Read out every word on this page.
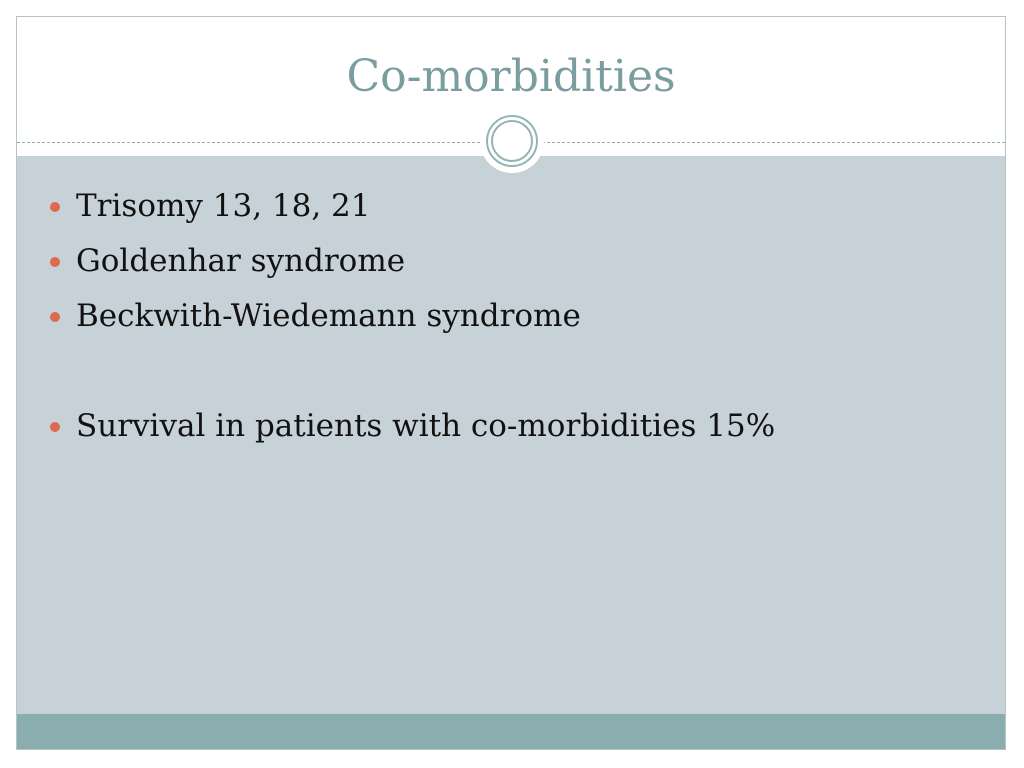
Co-morbidities
Trisomy 13, 18, 21
Goldenhar syndrome
Beckwith-Wiedemann syndrome
Survival in patients with co-morbidities 15%
